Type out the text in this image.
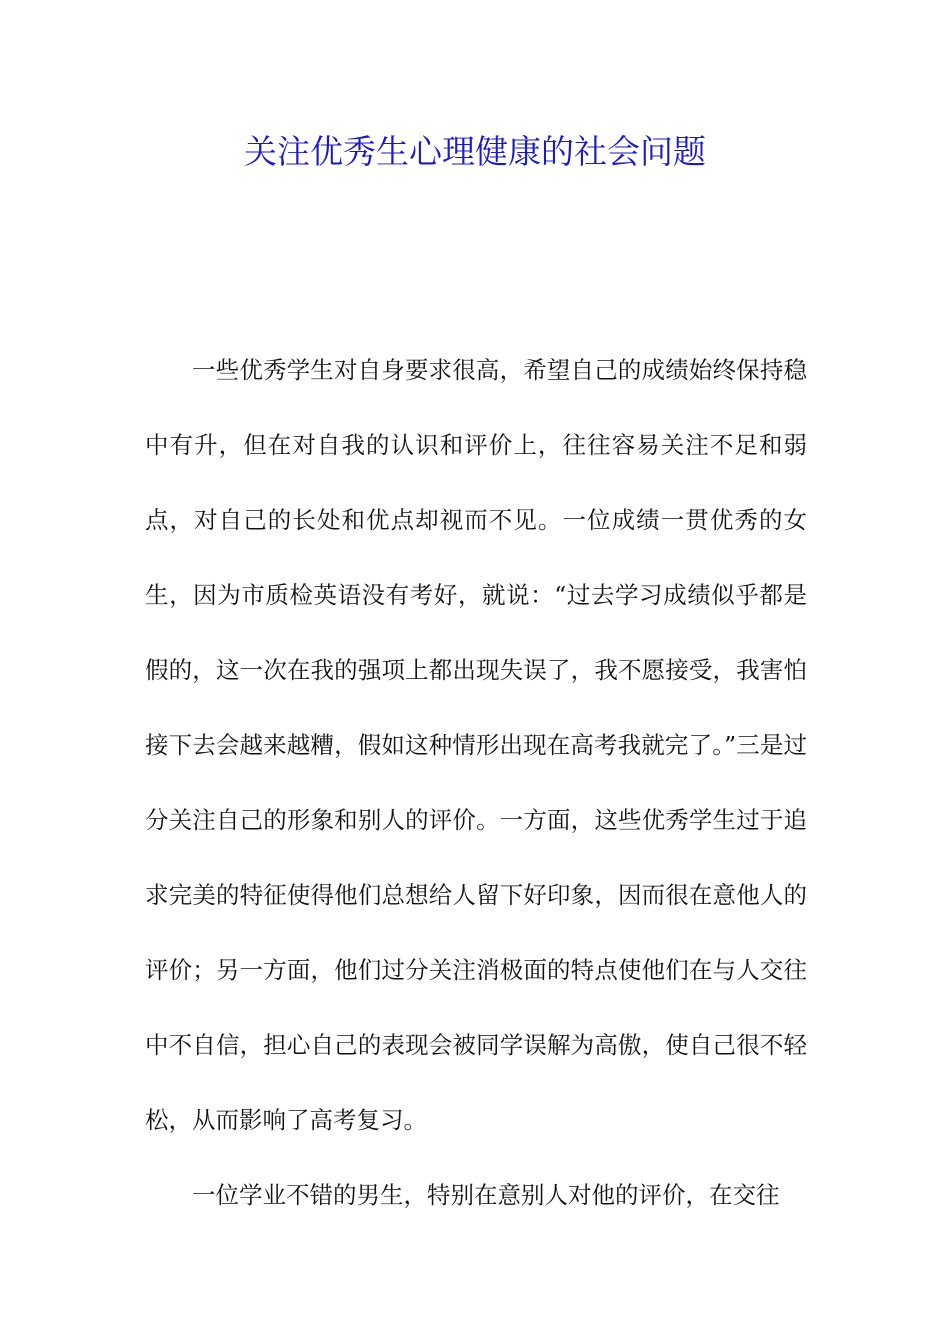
关注优秀生心理健康的社会问题

一些优秀学生对自身要求很高，希望自己的成绩始终保持稳中有升，但在对自我的认识和评价上，往往容易关注不足和弱点，对自己的长处和优点却视而不见。一位成绩一贯优秀的女生，因为市质检英语没有考好，就说：“过去学习成绩似乎都是假的，这一次在我的强项上都出现失误了，我不愿接受，我害怕接下去会越来越糟，假如这种情形出现在高考我就完了。”三是过分关注自己的形象和别人的评价。一方面，这些优秀学生过于追求完美的特征使得他们总想给人留下好印象，因而很在意他人的评价；另一方面，他们过分关注消极面的特点使他们在与人交往中不自信，担心自己的表现会被同学误解为高傲，使自己很不轻松，从而影响了高考复习。

一位学业不错的男生，特别在意别人对他的评价，在交往
